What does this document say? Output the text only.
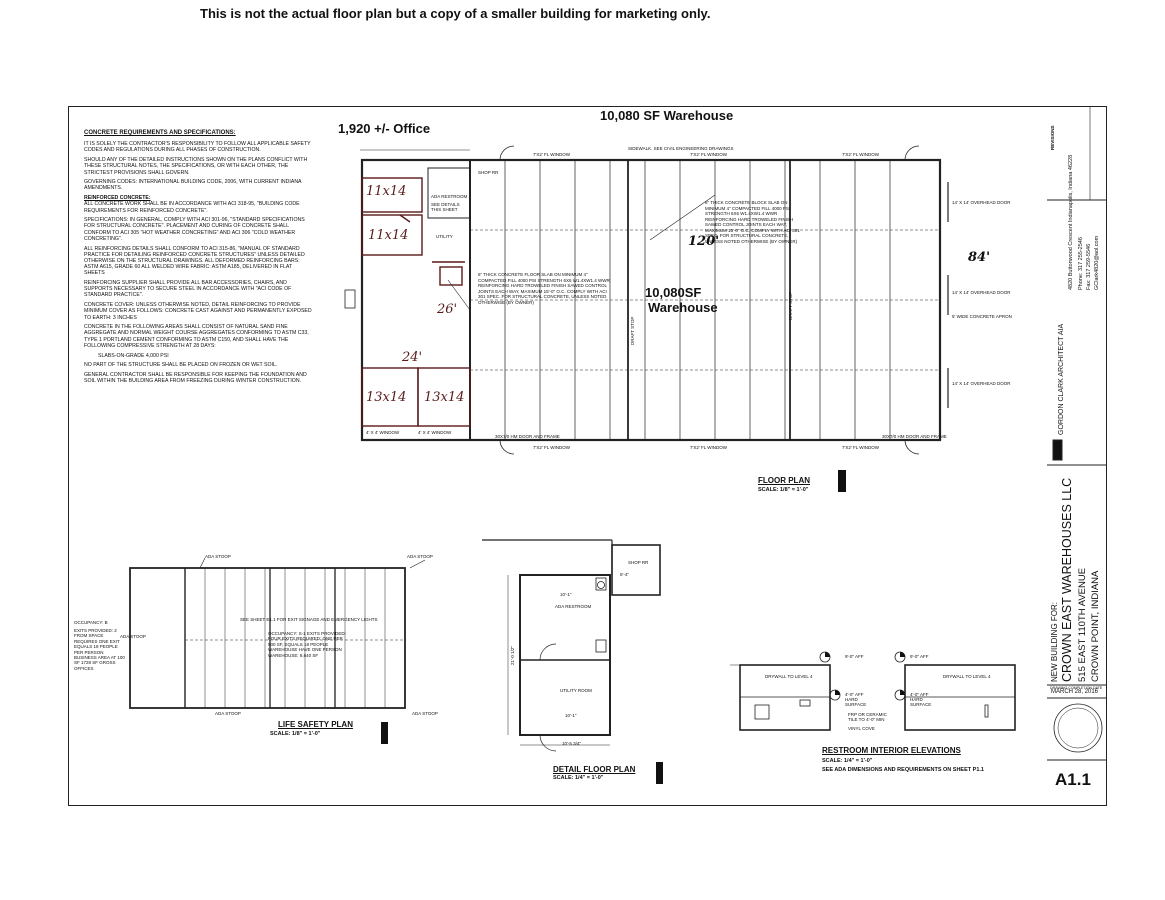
This is not the actual floor plan but a copy of a smaller building for marketing only.

CONCRETE REQUIREMENTS AND SPECIFICATIONS:

IT IS SOLELY THE CONTRACTOR'S RESPONSIBILITY TO FOLLOW ALL APPLICABLE SAFETY CODES AND REGULATIONS DURING ALL PHASES OF CONSTRUCTION.

SHOULD ANY OF THE DETAILED INSTRUCTIONS SHOWN ON THE PLANS CONFLICT WITH THESE STRUCTURAL NOTES, THE SPECIFICATIONS, OR WITH EACH OTHER, THE STRICTEST PROVISIONS SHALL GOVERN.

GOVERNING CODES: INTERNATIONAL BUILDING CODE, 2006, WITH CURRENT INDIANA AMENDMENTS.

REINFORCED CONCRETE:

ALL CONCRETE WORK SHALL BE IN ACCORDANCE WITH ACI 318-95, "BUILDING CODE REQUIREMENTS FOR REINFORCED CONCRETE".

SPECIFICATIONS: IN GENERAL, COMPLY WITH ACI 301-96, "STANDARD SPECIFICATIONS FOR STRUCTURAL CONCRETE". PLACEMENT AND CURING OF CONCRETE SHALL CONFORM TO ACI 305 "HOT WEATHER CONCRETING" AND ACI 306 "COLD WEATHER CONCRETING".

ALL REINFORCING DETAILS SHALL CONFORM TO ACI 315-86, "MANUAL OF STANDARD PRACTICE FOR DETAILING REINFORCED CONCRETE STRUCTURES" UNLESS DETAILED OTHERWISE ON THE STRUCTURAL DRAWINGS. ALL DEFORMED REINFORCING BARS: ASTM A615, GRADE 60 ALL WELDED WIRE FABRIC: ASTM A185, DELIVERED IN FLAT SHEETS

REINFORCING SUPPLIER SHALL PROVIDE ALL BAR ACCESSORIES, CHAIRS, AND SUPPORTS NECESSARY TO SECURE STEEL IN ACCORDANCE WITH "ACI CODE OF STANDARD PRACTICE".

CONCRETE COVER: UNLESS OTHERWISE NOTED, DETAIL REINFORCING TO PROVIDE MINIMUM COVER AS FOLLOWS: CONCRETE CAST AGAINST AND PERMANENTLY EXPOSED TO EARTH: 3 INCHES

CONCRETE IN THE FOLLOWING AREAS SHALL CONSIST OF NATURAL SAND FINE AGGREGATE AND NORMAL WEIGHT COURSE AGGREGATES CONFORMING TO ASTM C33, TYPE 1 PORTLAND CEMENT CONFORMING TO ASTM C150, AND SHALL HAVE THE FOLLOWING COMPRESSIVE STRENGTH AT 28 DAYS:

SLABS-ON-GRADE 4,000 PSI

NO PART OF THE STRUCTURE SHALL BE PLACED ON FROZEN OR WET SOIL.

GENERAL CONTRACTOR SHALL BE RESPONSIBLE FOR KEEPING THE FOUNDATION AND SOIL WITHIN THE BUILDING AREA FROM FREEZING DURING WINTER CONSTRUCTION.

1,920 +/- Office
10,080 SF Warehouse
10,080SF
Warehouse
11x14
11x14
13x14 13x14
26'
24'
120'
84'
SIDEWALK. SEE CIVIL ENGINEERING DRAWINGS
7'X2' FL WINDOW	7'X2' FL WINDOW	7'X2' FL WINDOW
7'X2' FL WINDOW	7'X2' FL WINDOW	7'X2' FL WINDOW
14' X 14' OVERHEAD DOOR
14' X 14' OVERHEAD DOOR
5' WIDE CONCRETE APRON
14' X 14' OVERHEAD DOOR
30X7/0 HM DOOR AND FRAME	30X7/0 HM DOOR AND FRAME
SHOP RR
ADA RESTROOM
SEE DETAILS THIS SHEET
UTILITY
4' X 4' WINDOW	4' X 4' WINDOW
6" THICK CONCRETE FLOOR SLAB ON MINIMUM 4" COMPACTED FILL 4000 PSI STRENGTH 6X6 W1.4XW1.4 WWR REINFORCING HARD TROWELED FINISH SAWED CONTROL JOINTS EACH WAY, MAXIMUM 15'-0" O.C. COMPLY WITH ACI 301 SPEC. FOR STRUCTURAL CONCRETE, UNLESS NOTED OTHERWISE (BY OWNER)
6" THICK CONCRETE BLOCK SLAB ON MINIMUM 4" COMPACTED FILL 4000 PSI STRENGTH 6X6 W1.4XW1.4 WWR REINFORCING HARD TROWELED FINISH SAWED CONTROL JOINTS EACH WAY, MAXIMUM 15'-0" O.C. COMPLY WITH ACI 301 SPEC. FOR STRUCTURAL CONCRETE, UNLESS NOTED OTHERWISE (BY OWNER)
DRAFT STOP
DRAFT STOP
FLOOR PLAN
SCALE: 1/8" = 1'-0"
LIFE SAFETY PLAN
SCALE: 1/8" = 1'-0"
DETAIL FLOOR PLAN
SCALE: 1/4" = 1'-0"
RESTROOM INTERIOR ELEVATIONS
SCALE: 1/4" = 1'-0"
SEE ADA DIMENSIONS AND REQUIREMENTS ON SHEET P1.1
OCCUPANCY: B
EXITS PROVIDED: 2 FROM SPACE REQUIRES ONE EXIT EQUALS 18 PEOPLE PER PERSON BUSINESS AREA AT 100 SF 1728 SF GROSS OFFICES
SEE SHEET E1.1 FOR EXIT SIGNAGE AND EMERGENCY LIGHTS
OCCUPANCY: S-1 EXITS PROVIDED: FOUR EXITS REQUIRED: ONE PER 500 SF, EQUALS 18 PEOPLE WAREHOUSE HAVE ONE PERSON WAREHOUSE: 8,640 SF
ADA STOOP	ADA STOOP
ADA STOOP
ADA STOOP	ADA STOOP
SHOP RR
ADA RESTROOM
UTILITY ROOM
10'-1"
10'-1"
10'-5 3/4"
21'-0 1/2"
5'-4"
9'-0" AFF	9'-0" AFF
4'-0" AFF HARD SURFACE
4'-0" AFF HARD SURFACE
DRYWALL TO LEVEL 4	DRYWALL TO LEVEL 4
FRP OR CERAMIC TILE TO 4'-0" MIN
VINYL COVE
REVISIONS
GORDON CLARK ARCHITECT AIA
4820 Buttonwood Crescent Indianapolis, Indiana 46228 Phone: 317 255-2546 Fax: 317 259-5546 GClark4820@aol.com
NEW BUILDING FOR: CROWN EAST WAREHOUSES LLC 515 EAST 110TH AVENUE CROWN POINT, INDIANA
DRAWING COMPLETION DATE
MARCH 28, 2016
A1.1
